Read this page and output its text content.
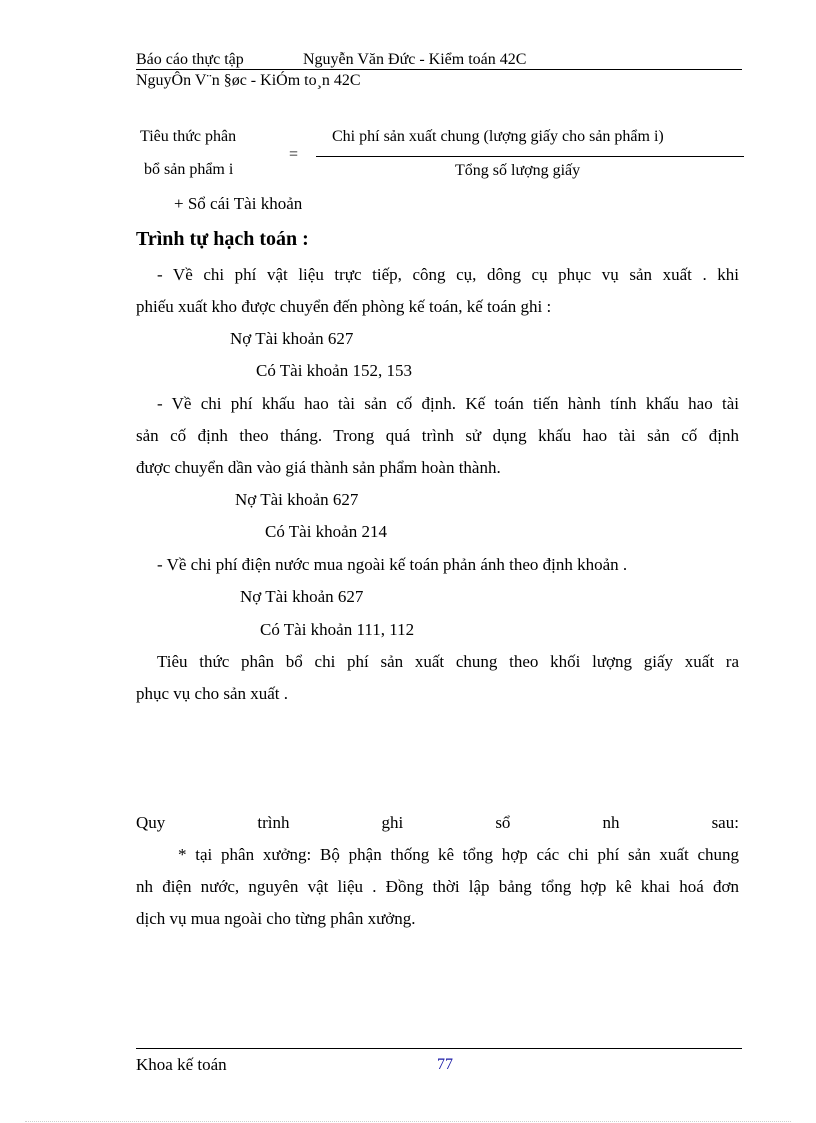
Báo cáo thực tập	Nguyễn Văn Đức - Kiểm toán 42C
NguyÔn V¨n §øc - KiÓm to¸n 42C
Tiêu thức phân
bổ sản phẩm i
=
Chi phí sản xuất chung (lượng giấy cho sản phẩm i)
Tổng số lượng giấy
+ Sổ cái Tài khoản
Trình tự hạch toán :
- Về chi phí vật liệu trực tiếp, công cụ, dông cụ phục vụ sản xuất . khi
phiếu xuất kho được chuyển đến phòng kế toán, kế toán ghi :
Nợ Tài khoản 627
Có Tài khoản 152, 153
- Về chi phí khấu hao tài sản cố định. Kế toán tiến hành tính khấu hao tài
sản cố định theo tháng. Trong quá trình sử dụng khấu hao tài sản cố định
được chuyển dần vào giá thành sản phẩm hoàn thành.
Nợ Tài khoản 627
Có Tài khoản 214
- Về chi phí điện nước mua ngoài kế toán phản ánh theo định khoản .
Nợ Tài khoản 627
Có Tài khoản 111, 112
Tiêu thức phân bổ chi phí sản xuất chung theo khối lượng giấy xuất ra
phục vụ cho sản xuất .
Quy	trình	ghi	sổ	nh	sau:
* tại phân xưởng: Bộ phận thống kê tổng hợp các chi phí sản xuất chung
nh điện nước, nguyên vật liệu . Đồng thời lập bảng tổng hợp kê khai hoá đơn
dịch vụ mua ngoài cho từng phân xưởng.
Khoa kế toán	77
